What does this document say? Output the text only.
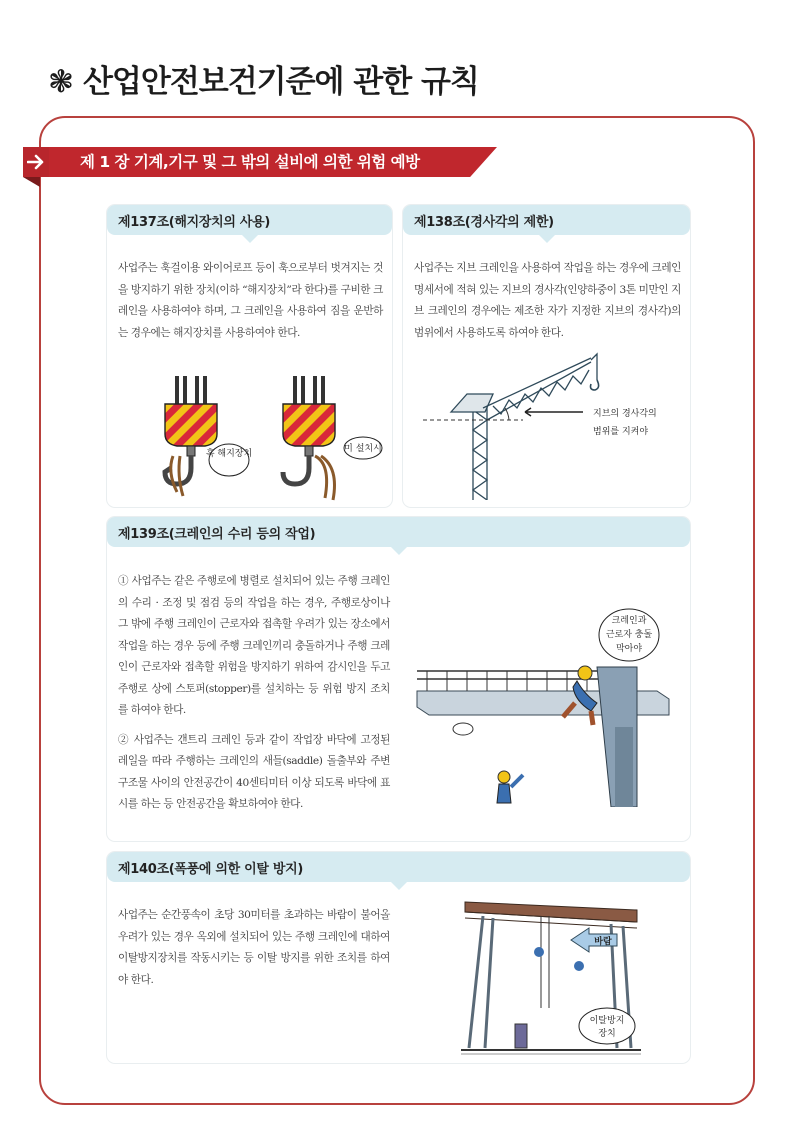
❃ 산업안전보건기준에 관한 규칙
제 1 장 기계,기구 및 그 밖의 설비에 의한 위험 예방
제137조(해지장치의 사용)

사업주는 훅걸이용 와이어로프 등이 훅으로부터 벗겨지는 것을 방지하기 위한 장치(이하 “해지장치”라 한다)를 구비한 크레인을 사용하여야 하며, 그 크레인을 사용하여 짐을 운반하는 경우에는 해지장치를 사용하여야 한다.

훅 해지장치	미 설치시
제138조(경사각의 제한)

사업주는 지브 크레인을 사용하여 작업을 하는 경우에 크레인 명세서에 적혀 있는 지브의 경사각(인양하중이 3톤 미만인 지브 크레인의 경우에는 제조한 자가 지정한 지브의 경사각)의 범위에서 사용하도록 하여야 한다.

지브의 경사각의
범위를 지켜야
제139조(크레인의 수리 등의 작업)

① 사업주는 같은 주행로에 병렬로 설치되어 있는 주행 크레인의 수리 · 조정 및 점검 등의 작업을 하는 경우, 주행로상이나 그 밖에 주행 크레인이 근로자와 접촉할 우려가 있는 장소에서 작업을 하는 경우 등에 주행 크레인끼리 충돌하거나 주행 크레인이 근로자와 접촉할 위험을 방지하기 위하여 감시인을 두고 주행로 상에 스토퍼(stopper)를 설치하는 등 위험 방지 조치를 하여야 한다.

② 사업주는 갠트리 크레인 등과 같이 작업장 바닥에 고정된 레일을 따라 주행하는 크레인의 새들(saddle) 돌출부와 주변 구조물 사이의 안전공간이 40센티미터 이상 되도록 바닥에 표시를 하는 등 안전공간을 확보하여야 한다.

크레인과
근로자 충돌
막아야
제140조(폭풍에 의한 이탈 방지)

사업주는 순간풍속이 초당 30미터를 초과하는 바람이 불어올 우려가 있는 경우 옥외에 설치되어 있는 주행 크레인에 대하여 이탈방지장치를 작동시키는 등 이탈 방지를 위한 조치를 하여야 한다.

바람
이탈방지
장치
